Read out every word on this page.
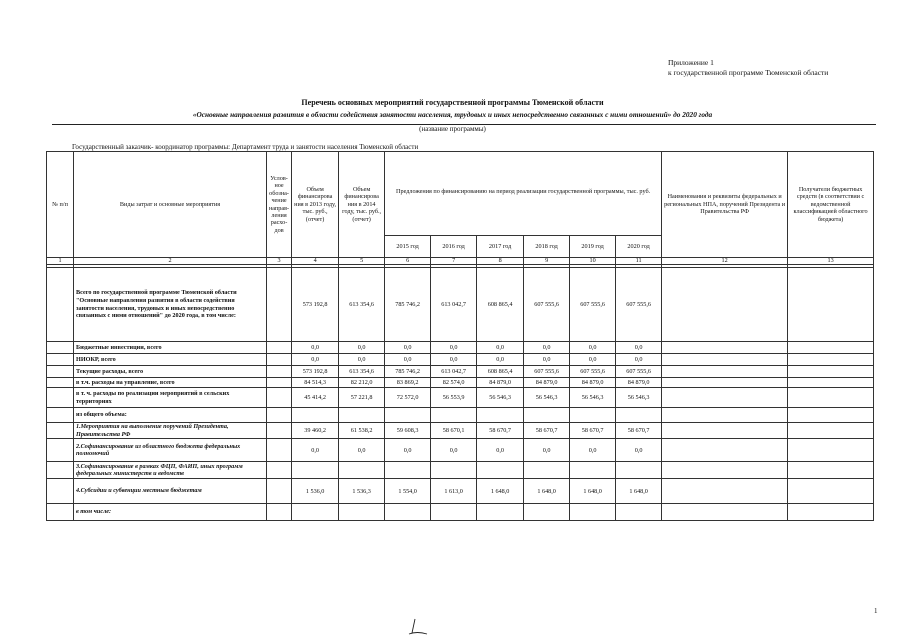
Приложение 1
к государственной программе Тюменской области
Перечень основных мероприятий государственной программы Тюменской области
«Основные направления развития в области содействия занятости населения, трудовых и иных непосредственно связанных с ними отношений» до 2020 года
(название программы)
Государственный заказчик- координатор программы: Департамент труда и занятости населения Тюменской области
№ п/п	Виды затрат и основные мероприятия	Услов-ное обозна-чение направ-ления расхо-дов	Объем финансирова ния в 2013 году, тыс. руб., (отчет)	Объем финансирова ния в 2014 году, тыс. руб., (отчет)	Предложения по финансированию на период реализации государственной программы, тыс. руб.						Наименования и реквизиты федеральных и региональных НПА, поручений Президента и Правительства РФ	Получатели бюджетных средств (в соответствии с ведомственной классификацией областного бюджета)
					2015 год	2016 год	2017 год	2018 год	2019 год	2020 год		
1	2	3	4	5	6	7	8	9	10	11	12	13

	Всего по государственной программе Тюменской области "Основные направления развития в области содействия занятости населения, трудовых и иных непосредственно связанных с ними отношений" до 2020 года, в том числе:		573 192,8	613 354,6	785 746,2	613 042,7	608 865,4	607 555,6	607 555,6	607 555,6		
	Бюджетные инвестиции, всего		0,0	0,0	0,0	0,0	0,0	0,0	0,0	0,0		
	НИОКР, всего		0,0	0,0	0,0	0,0	0,0	0,0	0,0	0,0		
	Текущие расходы, всего		573 192,8	613 354,6	785 746,2	613 042,7	608 865,4	607 555,6	607 555,6	607 555,6		
	в т.ч. расходы на управление, всего		84 514,3	82 212,0	83 869,2	82 574,0	84 879,0	84 879,0	84 879,0	84 879,0		
	в т. ч. расходы по реализации мероприятий в сельских территориях		45 414,2	57 221,8	72 572,0	56 553,9	56 546,3	56 546,3	56 546,3	56 546,3		
	из общего объема:											
	1.Мероприятия на выполнение поручений Президента, Правительства РФ		39 460,2	61 538,2	59 608,3	58 670,1	58 670,7	58 670,7	58 670,7	58 670,7		
	2.Софинансирование из областного бюджета федеральных полномочий		0,0	0,0	0,0	0,0	0,0	0,0	0,0	0,0		
	3.Софинансирование в рамках ФЦП, ФАИП, иных программ федеральных министерств и ведомств											
	4.Субсидии и субвенции местным бюджетам		1 536,0	1 536,3	1 554,0	1 613,0	1 648,0	1 648,0	1 648,0	1 648,0		
	в том числе:											
1
